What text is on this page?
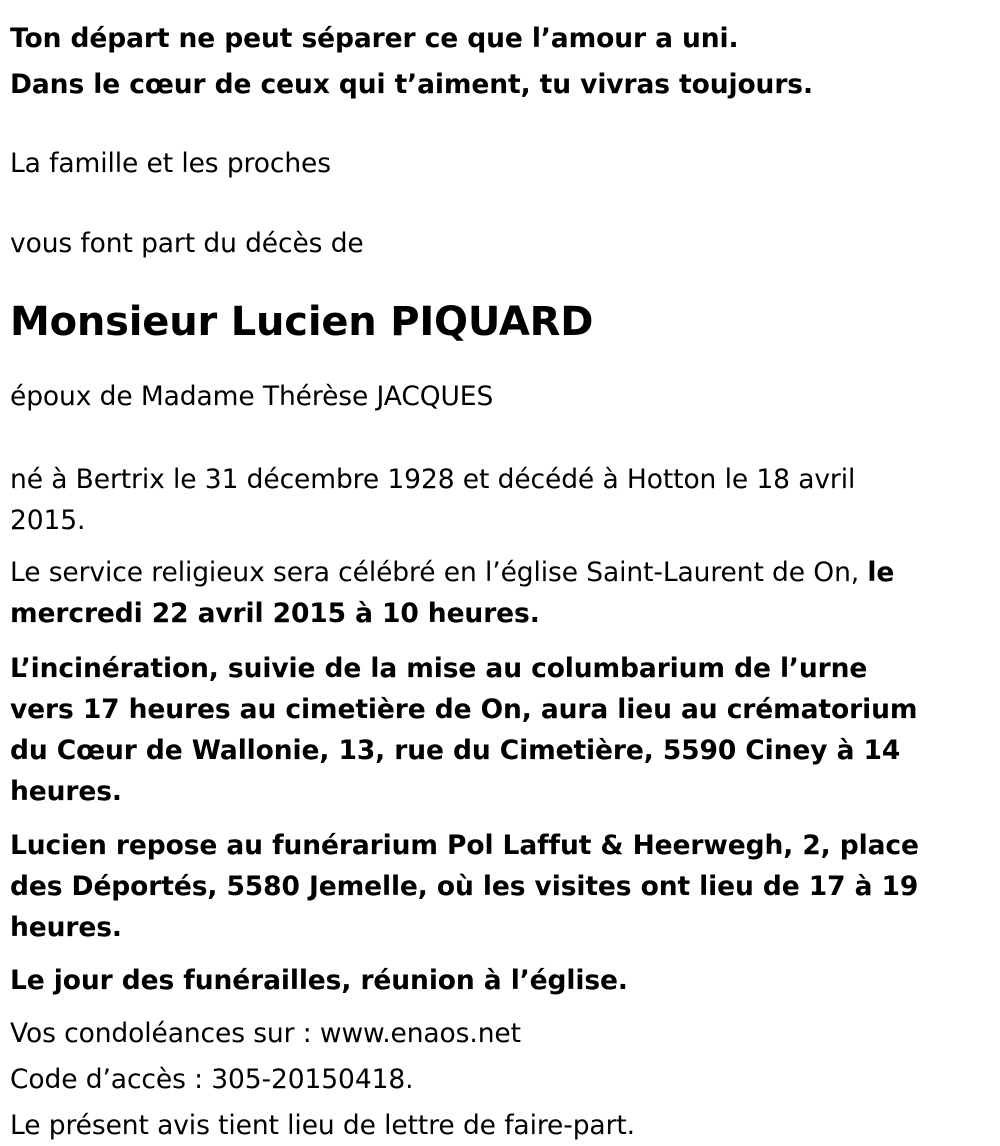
Ton départ ne peut séparer ce que l’amour a uni.

Dans le cœur de ceux qui t’aiment, tu vivras toujours.

La famille et les proches

vous font part du décès de

Monsieur Lucien PIQUARD

époux de Madame Thérèse JACQUES

né à Bertrix le 31 décembre 1928 et décédé à Hotton le 18 avril 2015.

Le service religieux sera célébré en l’église Saint-Laurent de On, le mercredi 22 avril 2015 à 10 heures.

L’incinération, suivie de la mise au columbarium de l’urne vers 17 heures au cimetière de On, aura lieu au crématorium du Cœur de Wallonie, 13, rue du Cimetière, 5590 Ciney à 14 heures.

Lucien repose au funérarium Pol Laffut & Heerwegh, 2, place des Déportés, 5580 Jemelle, où les visites ont lieu de 17 à 19 heures.

Le jour des funérailles, réunion à l’église.

Vos condoléances sur : www.enaos.net

Code d’accès : 305-20150418.

Le présent avis tient lieu de lettre de faire-part.
